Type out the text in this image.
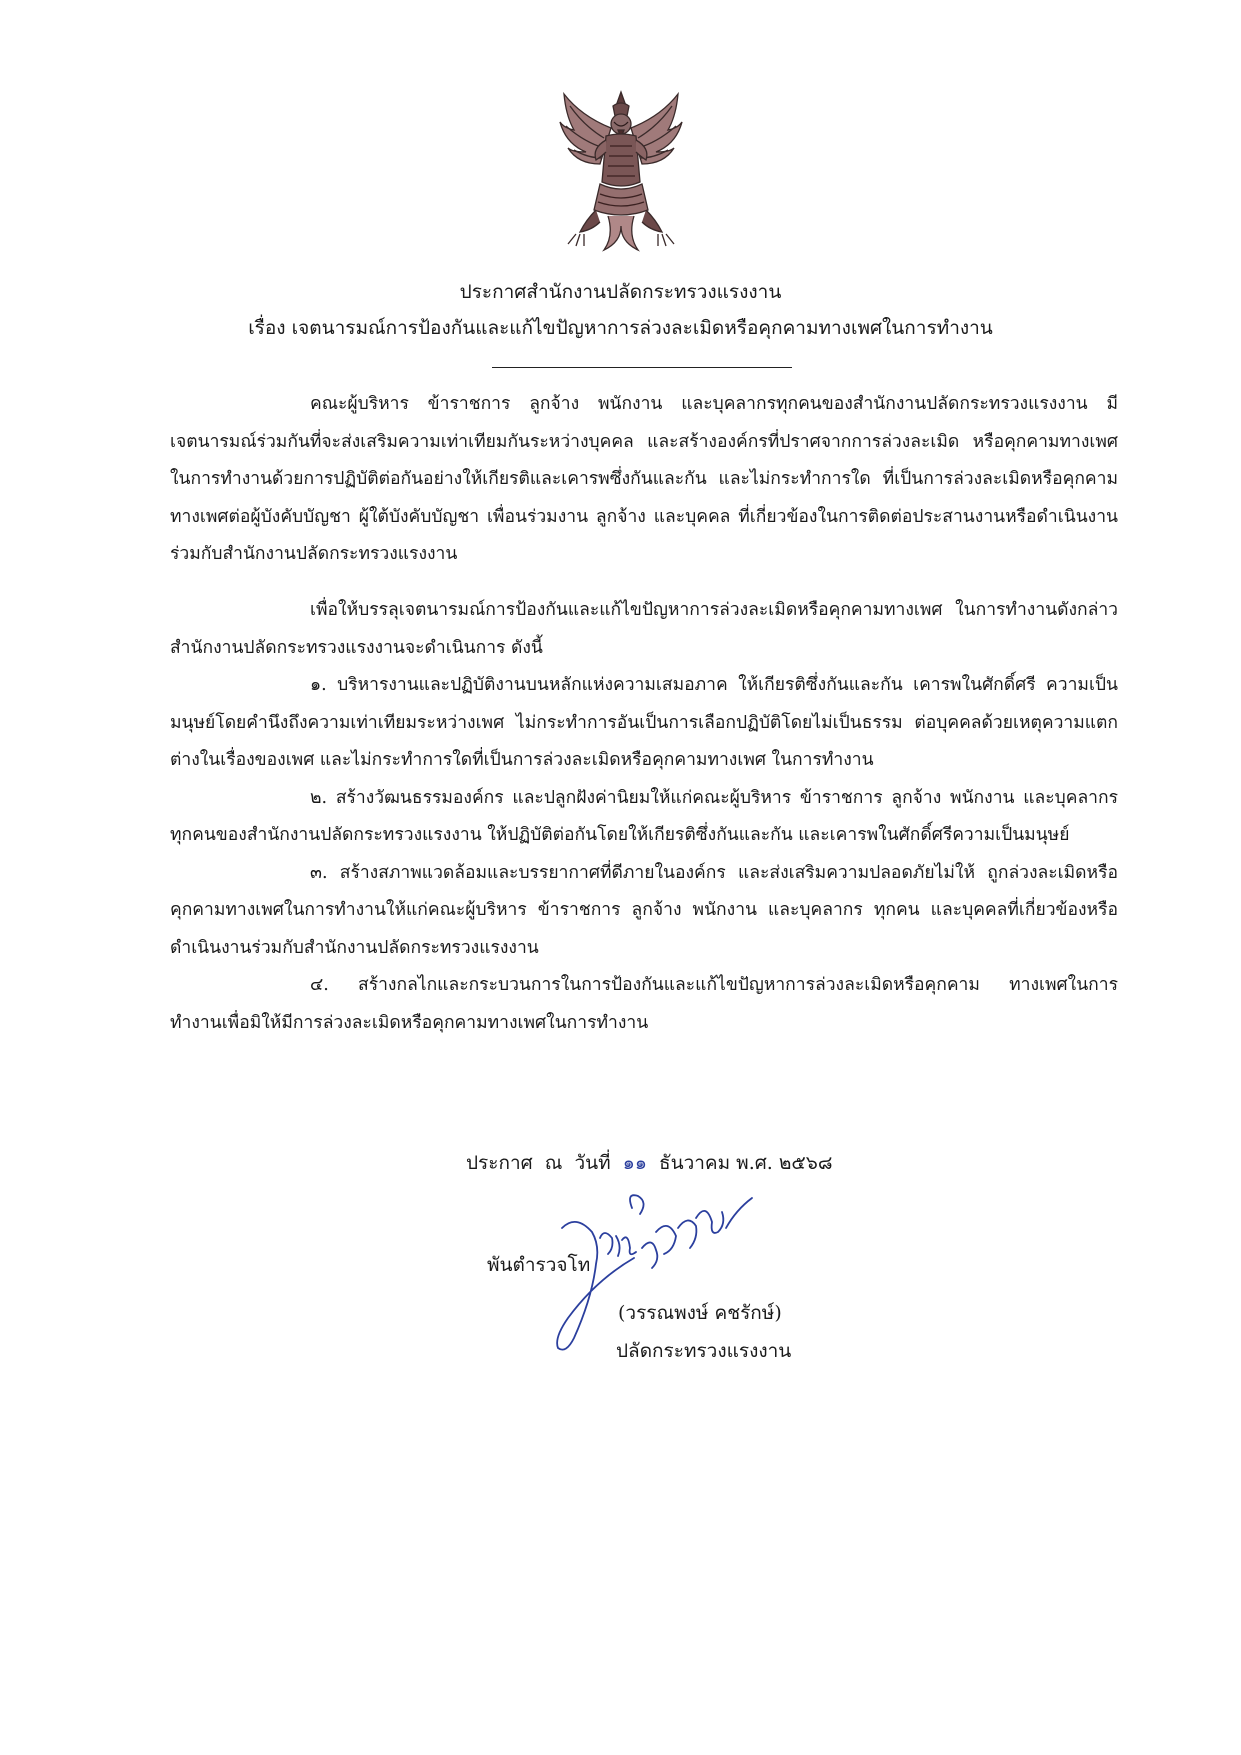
ประกาศสำนักงานปลัดกระทรวงแรงงาน
เรื่อง เจตนารมณ์การป้องกันและแก้ไขปัญหาการล่วงละเมิดหรือคุกคามทางเพศในการทำงาน

คณะผู้บริหาร ข้าราชการ ลูกจ้าง พนักงาน และบุคลากรทุกคนของสำนักงานปลัดกระทรวงแรงงาน มีเจตนารมณ์ร่วมกันที่จะส่งเสริมความเท่าเทียมกันระหว่างบุคคล และสร้างองค์กรที่ปราศจากการล่วงละเมิด หรือคุกคามทางเพศในการทำงานด้วยการปฏิบัติต่อกันอย่างให้เกียรติและเคารพซึ่งกันและกัน และไม่กระทำการใด ที่เป็นการล่วงละเมิดหรือคุกคามทางเพศต่อผู้บังคับบัญชา ผู้ใต้บังคับบัญชา เพื่อนร่วมงาน ลูกจ้าง และบุคคล ที่เกี่ยวข้องในการติดต่อประสานงานหรือดำเนินงานร่วมกับสำนักงานปลัดกระทรวงแรงงาน

เพื่อให้บรรลุเจตนารมณ์การป้องกันและแก้ไขปัญหาการล่วงละเมิดหรือคุกคามทางเพศ ในการทำงานดังกล่าว สำนักงานปลัดกระทรวงแรงงานจะดำเนินการ ดังนี้

๑. บริหารงานและปฏิบัติงานบนหลักแห่งความเสมอภาค ให้เกียรติซึ่งกันและกัน เคารพในศักดิ์ศรี ความเป็นมนุษย์โดยคำนึงถึงความเท่าเทียมระหว่างเพศ ไม่กระทำการอันเป็นการเลือกปฏิบัติโดยไม่เป็นธรรม ต่อบุคคลด้วยเหตุความแตกต่างในเรื่องของเพศ และไม่กระทำการใดที่เป็นการล่วงละเมิดหรือคุกคามทางเพศ ในการทำงาน

๒. สร้างวัฒนธรรมองค์กร และปลูกฝังค่านิยมให้แก่คณะผู้บริหาร ข้าราชการ ลูกจ้าง พนักงาน และบุคลากรทุกคนของสำนักงานปลัดกระทรวงแรงงาน ให้ปฏิบัติต่อกันโดยให้เกียรติซึ่งกันและกัน และเคารพในศักดิ์ศรีความเป็นมนุษย์

๓. สร้างสภาพแวดล้อมและบรรยากาศที่ดีภายในองค์กร และส่งเสริมความปลอดภัยไม่ให้ ถูกล่วงละเมิดหรือคุกคามทางเพศในการทำงานให้แก่คณะผู้บริหาร ข้าราชการ ลูกจ้าง พนักงาน และบุคลากร ทุกคน และบุคคลที่เกี่ยวข้องหรือดำเนินงานร่วมกับสำนักงานปลัดกระทรวงแรงงาน

๔. สร้างกลไกและกระบวนการในการป้องกันและแก้ไขปัญหาการล่วงละเมิดหรือคุกคาม ทางเพศในการทำงานเพื่อมิให้มีการล่วงละเมิดหรือคุกคามทางเพศในการทำงาน

ประกาศ  ณ  วันที่ ๑๑ ธันวาคม พ.ศ. ๒๕๖๘
พันตำรวจโท
(วรรณพงษ์ คชรักษ์)
ปลัดกระทรวงแรงงาน
